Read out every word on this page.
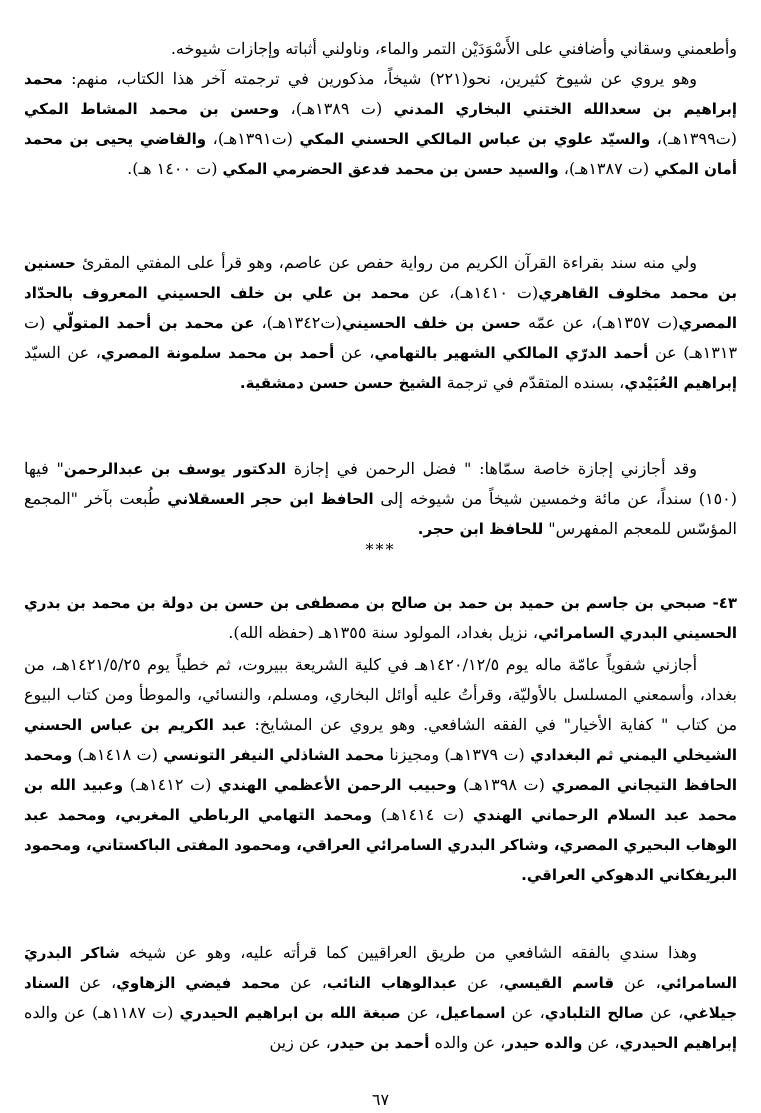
وأطعمني وسقاني وأضافني على الأَسْوَدَيْن التمر والماء، وناولني أثباته وإجازات شيوخه.
وهو يروي عن شيوخ كثيرين، نحو(٢٢١) شيخاً، مذكورين في ترجمته آخر هذا الكتاب، منهم: محمد إبراهيم بن سعدالله الختني البخاري المدني (ت ١٣٨٩هـ)، وحسن بن محمد المشاط المكي (ت١٣٩٩هـ)، والسيّد علوي بن عباس المالكي الحسني المكي (ت١٣٩١هـ)، والقاضي يحيى بن محمد أمان المكي (ت ١٣٨٧هـ)، والسيد حسن بن محمد فدعق الحضرمي المكي (ت ١٤٠٠ هـ).
ولي منه سند بقراءة القرآن الكريم من رواية حفص عن عاصم، وهو قرأ على المفتي المقرئ حسنين بن محمد مخلوف القاهري(ت ١٤١٠هـ)، عن محمد بن علي بن خلف الحسيني المعروف بالحدّاد المصري(ت ١٣٥٧هـ)، عن عمّه حسن بن خلف الحسيني(ت١٣٤٢هـ)، عن محمد بن أحمد المتولّي (ت ١٣١٣هـ) عن أحمد الدرّي المالكي الشهير بالتهامي، عن أحمد بن محمد سلمونة المصري، عن السيّد إبراهيم العُبَيْدي، بسنده المتقدّم في ترجمة الشيخ حسن حسن دمشقية.
وقد أجازني إجازة خاصة سمّاها: " فضل الرحمن في إجازة الدكتور يوسف بن عبدالرحمن" فيها (١٥٠) سنداً، عن مائة وخمسين شيخاً من شيوخه إلى الحافظ ابن حجر العسقلاني طُبعت بآخر "المجمع المؤسّس للمعجم المفهرس" للحافظ ابن حجر.
***
٤٣- صبحي بن جاسم بن حميد بن حمد بن صالح بن مصطفى بن حسن بن دولة بن محمد بن بدري الحسيني البدري السامرائي، نزيل بغداد، المولود سنة ١٣٥٥هـ (حفظه الله).
أجازني شفوياً عامّة ماله يوم ١٤٢٠/١٢/٥هـ في كلية الشريعة ببيروت، ثم خطياً يوم ١٤٢١/٥/٢٥هـ، من بغداد، وأسمعني المسلسل بالأوليّة، وقرأتُ عليه أوائل البخاري، ومسلم، والنسائي، والموطأ ومن كتاب البيوع من كتاب " كفاية الأخيار" في الفقه الشافعي. وهو يروي عن المشايخ: عبد الكريم بن عباس الحسني الشيخلي اليمني ثم البغدادي (ت ١٣٧٩هـ) ومجيزنا محمد الشاذلي النيفر التونسي (ت ١٤١٨هـ) ومحمد الحافظ التيجاني المصري (ت ١٣٩٨هـ) وحبيب الرحمن الأعظمي الهندي (ت ١٤١٢هـ) وعبيد الله بن محمد عبد السلام الرحماني الهندي (ت ١٤١٤هـ) ومحمد التهامي الرباطي المغربي، ومحمد عبد الوهاب البحيري المصري، وشاكر البدري السامرائي العراقي، ومحمود المفتى الباكستاني، ومحمود البريفكاني الدهوكي العراقي.
وهذا سندي بالفقه الشافعي من طريق العراقيين كما قرأته عليه، وهو عن شيخه شاكر البدريَ السامرائي، عن قاسم القيسي، عن عبدالوهاب النائب، عن محمد فيضي الزهاوي، عن السناد جيلاغي، عن صالح التلبادي، عن اسماعيل، عن صبغة الله بن ابراهيم الحيدري (ت ١١٨٧هـ) عن والده إبراهيم الحيدري، عن والده حيدر، عن والده أحمد بن حيدر، عن زين
٦٧
